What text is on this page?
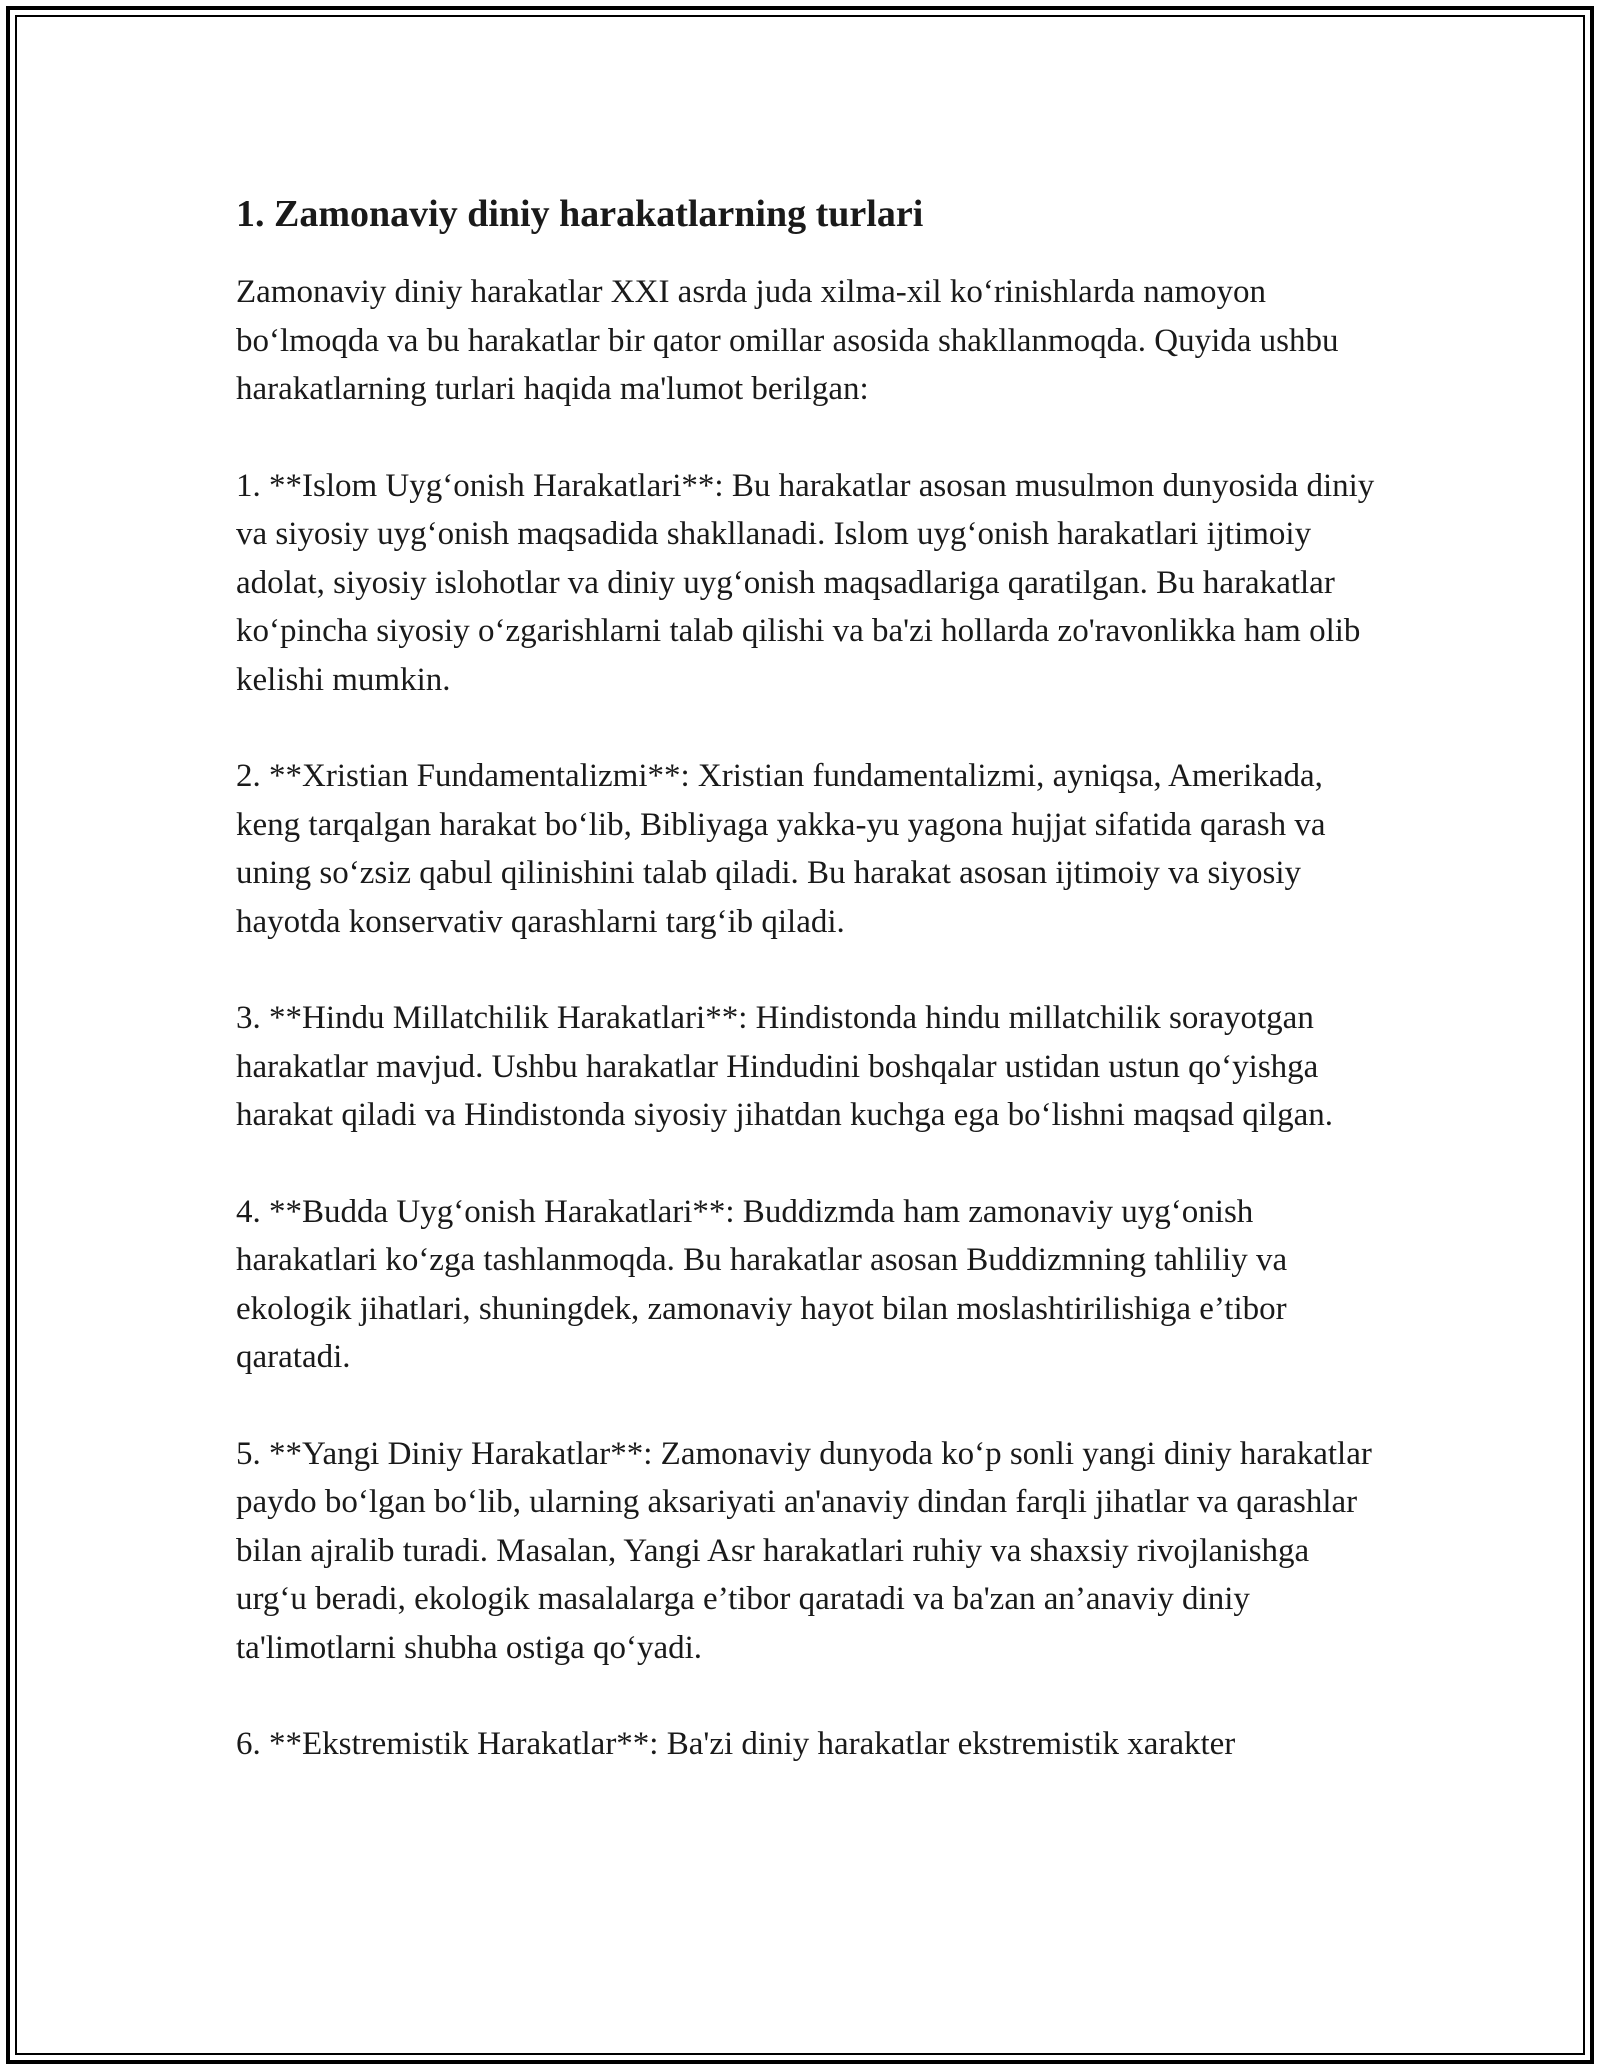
1. Zamonaviy diniy harakatlarning turlari

Zamonaviy diniy harakatlar XXI asrda juda xilma-xil koʻrinishlarda namoyon boʻlmoqda va bu harakatlar bir qator omillar asosida shakllanmoqda. Quyida ushbu harakatlarning turlari haqida ma'lumot berilgan:

1. **Islom Uygʻonish Harakatlari**: Bu harakatlar asosan musulmon dunyosida diniy va siyosiy uygʻonish maqsadida shakllanadi. Islom uygʻonish harakatlari ijtimoiy adolat, siyosiy islohotlar va diniy uygʻonish maqsadlariga qaratilgan. Bu harakatlar koʻpincha siyosiy oʻzgarishlarni talab qilishi va ba'zi hollarda zo'ravonlikka ham olib kelishi mumkin.

2. **Xristian Fundamentalizmi**: Xristian fundamentalizmi, ayniqsa, Amerikada, keng tarqalgan harakat boʻlib, Bibliyaga yakka-yu yagona hujjat sifatida qarash va uning soʻzsiz qabul qilinishini talab qiladi. Bu harakat asosan ijtimoiy va siyosiy hayotda konservativ qarashlarni targʻib qiladi.

3. **Hindu Millatchilik Harakatlari**: Hindistonda hindu millatchilik sorayotgan harakatlar mavjud. Ushbu harakatlar Hindudini boshqalar ustidan ustun qoʻyishga harakat qiladi va Hindistonda siyosiy jihatdan kuchga ega boʻlishni maqsad qilgan.

4. **Budda Uygʻonish Harakatlari**: Buddizmda ham zamonaviy uygʻonish harakatlari koʻzga tashlanmoqda. Bu harakatlar asosan Buddizmning tahliliy va ekologik jihatlari, shuningdek, zamonaviy hayot bilan moslashtirilishiga e’tibor qaratadi.

5. **Yangi Diniy Harakatlar**: Zamonaviy dunyoda koʻp sonli yangi diniy harakatlar paydo boʻlgan boʻlib, ularning aksariyati an'anaviy dindan farqli jihatlar va qarashlar bilan ajralib turadi. Masalan, Yangi Asr harakatlari ruhiy va shaxsiy rivojlanishga urgʻu beradi, ekologik masalalarga e’tibor qaratadi va ba'zan an’anaviy diniy ta'limotlarni shubha ostiga qoʻyadi.

6. **Ekstremistik Harakatlar**: Ba'zi diniy harakatlar ekstremistik xarakter
